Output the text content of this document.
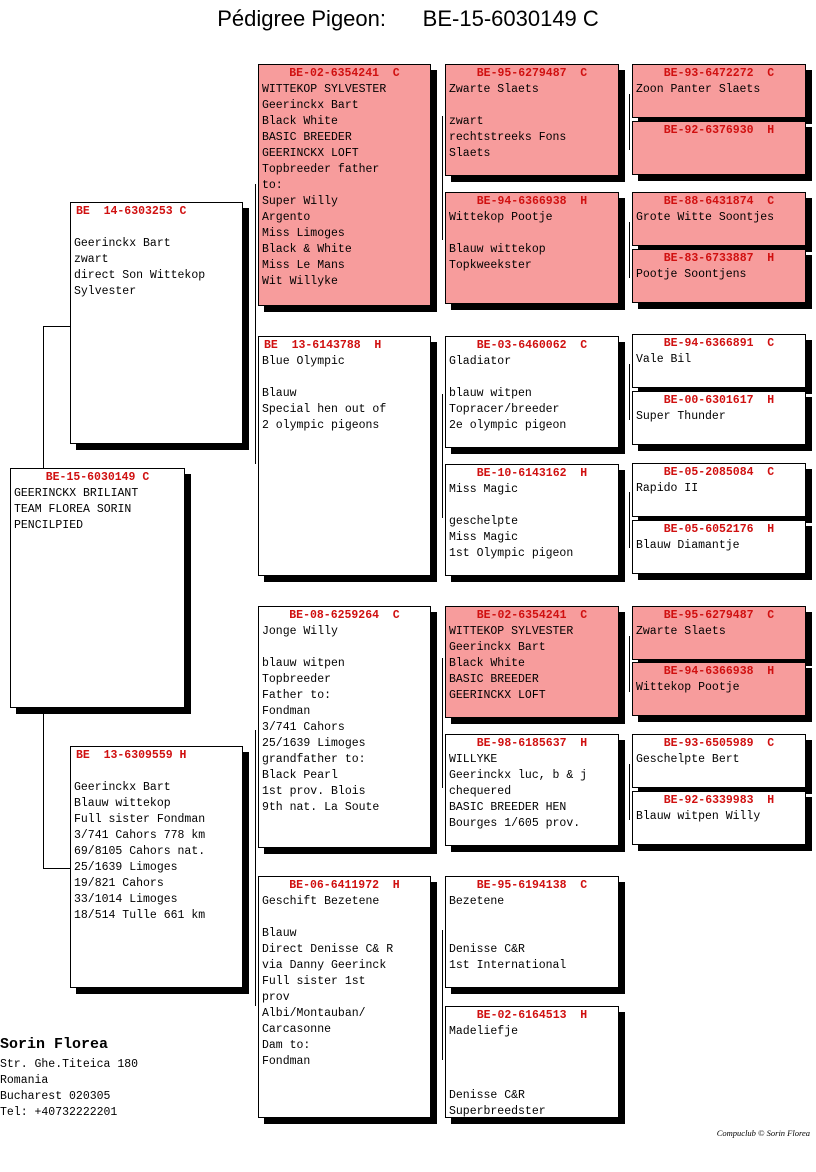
Pédigree Pigeon:      BE-15-6030149 C
BE-15-6030149 C
GEERINCKX BRILIANT
TEAM FLOREA SORIN
PENCILPIED
BE  14-6303253 C

Geerinckx Bart
zwart
direct Son Wittekop
Sylvester
BE  13-6309559 H

Geerinckx Bart
Blauw wittekop
Full sister Fondman
3/741 Cahors 778 km
69/8105 Cahors nat.
25/1639 Limoges
19/821 Cahors
33/1014 Limoges
18/514 Tulle 661 km
BE-02-6354241  C
WITTEKOP SYLVESTER
Geerinckx Bart
Black White
BASIC BREEDER
GEERINCKX LOFT
Topbreeder father
to:
Super Willy
Argento
Miss Limoges
Black & White
Miss Le Mans
Wit Willyke
BE  13-6143788  H
Blue Olympic

Blauw
Special hen out of
2 olympic pigeons
BE-08-6259264  C
Jonge Willy

blauw witpen
Topbreeder
Father to:
Fondman
3/741 Cahors
25/1639 Limoges
grandfather to:
Black Pearl
1st prov. Blois
9th nat. La Soute
BE-06-6411972  H
Geschift Bezetene

Blauw
Direct Denisse C& R
via Danny Geerinck
Full sister 1st
prov
Albi/Montauban/
Carcasonne
Dam to:
Fondman
BE-95-6279487  C
Zwarte Slaets

zwart
rechtstreeks Fons
Slaets
BE-94-6366938  H
Wittekop Pootje

Blauw wittekop
Topkweekster
BE-03-6460062  C
Gladiator

blauw witpen
Topracer/breeder
2e olympic pigeon
BE-10-6143162  H
Miss Magic

geschelpte
Miss Magic
1st Olympic pigeon
BE-02-6354241  C
WITTEKOP SYLVESTER
Geerinckx Bart
Black White
BASIC BREEDER
GEERINCKX LOFT
BE-98-6185637  H
WILLYKE
Geerinckx luc, b & j
chequered
BASIC BREEDER HEN
Bourges 1/605 prov.
BE-95-6194138  C
Bezetene

Denisse C&R
1st International
BE-02-6164513  H
Madeliefje

Denisse C&R
Superbreedster
BE-93-6472272  C
Zoon Panter Slaets
BE-92-6376930  H
BE-88-6431874  C
Grote Witte Soontjes
BE-83-6733887  H
Pootje Soontjens
BE-94-6366891  C
Vale Bil
BE-00-6301617  H
Super Thunder
BE-05-2085084  C
Rapido II
BE-05-6052176  H
Blauw Diamantje
BE-95-6279487  C
Zwarte Slaets
BE-94-6366938  H
Wittekop Pootje
BE-93-6505989  C
Geschelpte Bert
BE-92-6339983  H
Blauw witpen Willy
Sorin Florea
Str. Ghe.Titeica 180
Romania
Bucharest 020305
Tel: +40732222201
Compuclub © Sorin Florea
